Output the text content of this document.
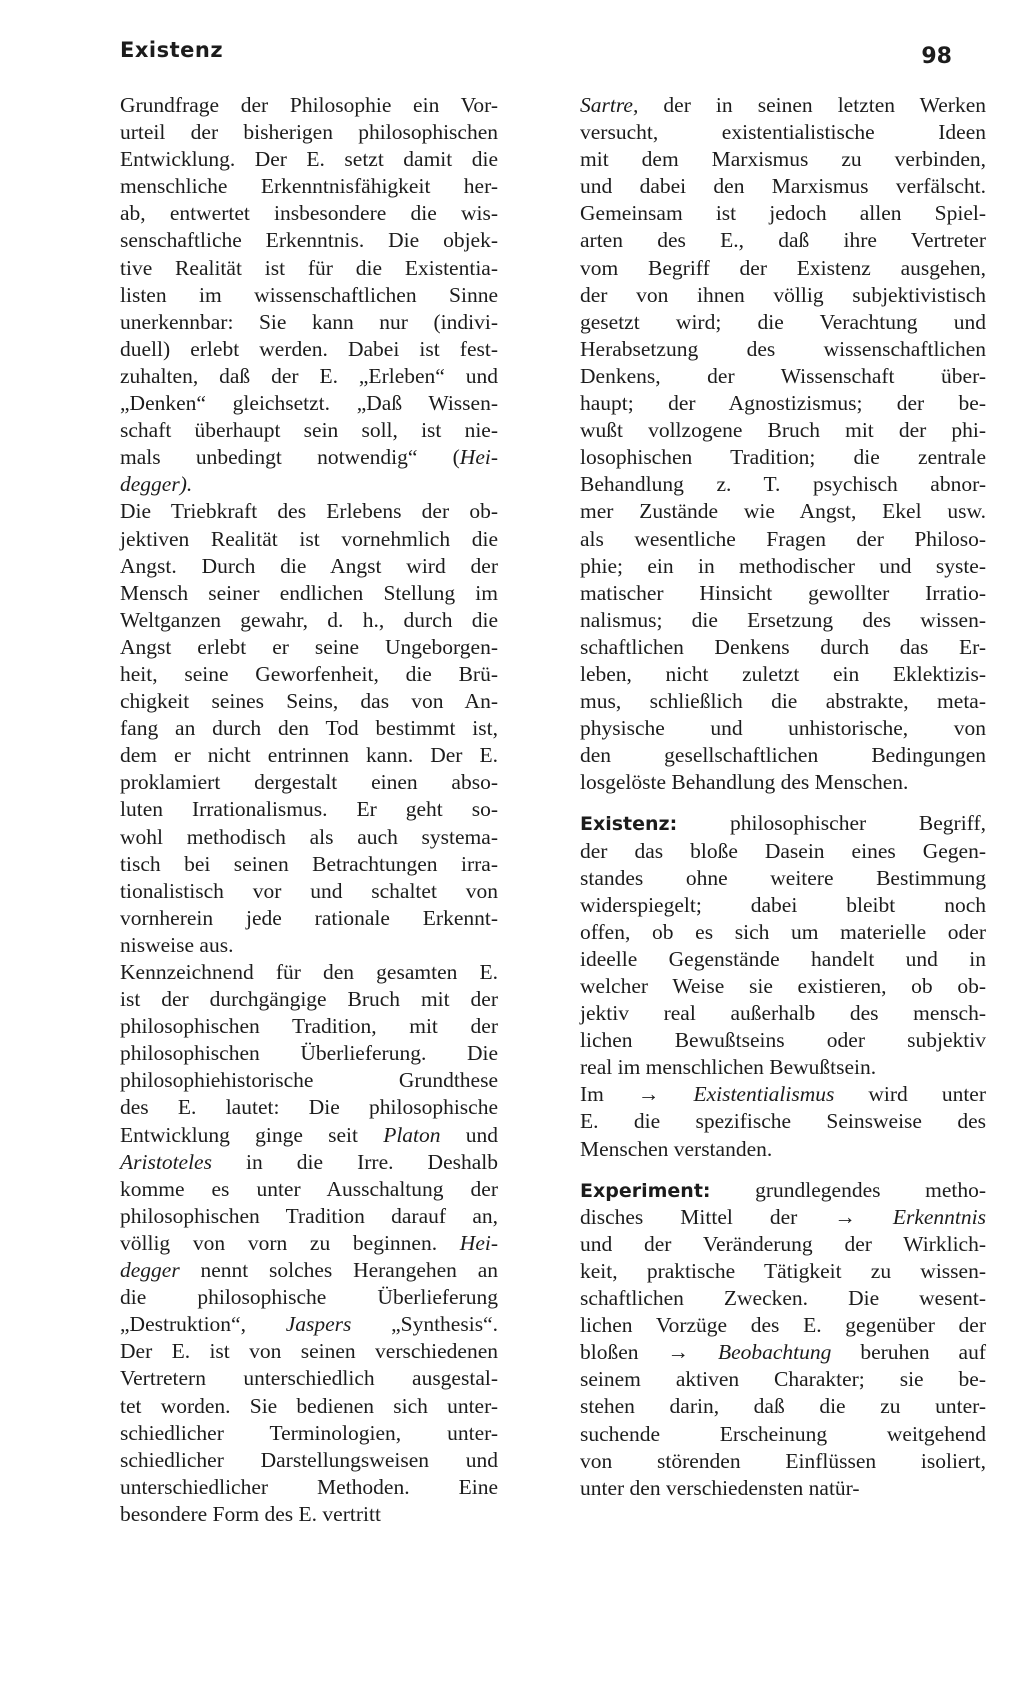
Existenz	98
Grundfrage der Philosophie ein Vor-
urteil der bisherigen philosophischen
Entwicklung. Der E. setzt damit die
menschliche Erkenntnisfähigkeit her-
ab, entwertet insbesondere die wis-
senschaftliche Erkenntnis. Die objek-
tive Realität ist für die Existentia-
listen im wissenschaftlichen Sinne
unerkennbar: Sie kann nur (indivi-
duell) erlebt werden. Dabei ist fest-
zuhalten, daß der E. „Erleben“ und
„Denken“ gleichsetzt. „Daß Wissen-
schaft überhaupt sein soll, ist nie-
mals unbedingt notwendig“ (Hei-
degger).
Die Triebkraft des Erlebens der ob-
jektiven Realität ist vornehmlich die
Angst. Durch die Angst wird der
Mensch seiner endlichen Stellung im
Weltganzen gewahr, d. h., durch die
Angst erlebt er seine Ungeborgen-
heit, seine Geworfenheit, die Brü-
chigkeit seines Seins, das von An-
fang an durch den Tod bestimmt ist,
dem er nicht entrinnen kann. Der E.
proklamiert dergestalt einen abso-
luten Irrationalismus. Er geht so-
wohl methodisch als auch systema-
tisch bei seinen Betrachtungen irra-
tionalistisch vor und schaltet von
vornherein jede rationale Erkennt-
nisweise aus.
Kennzeichnend für den gesamten E.
ist der durchgängige Bruch mit der
philosophischen Tradition, mit der
philosophischen Überlieferung. Die
philosophiehistorische Grundthese
des E. lautet: Die philosophische
Entwicklung ginge seit Platon und
Aristoteles in die Irre. Deshalb
komme es unter Ausschaltung der
philosophischen Tradition darauf an,
völlig von vorn zu beginnen. Hei-
degger nennt solches Herangehen an
die philosophische Überlieferung
„Destruktion“, Jaspers „Synthesis“.
Der E. ist von seinen verschiedenen
Vertretern unterschiedlich ausgestal-
tet worden. Sie bedienen sich unter-
schiedlicher Terminologien, unter-
schiedlicher Darstellungsweisen und
unterschiedlicher Methoden. Eine
besondere Form des E. vertritt
Sartre, der in seinen letzten Werken
versucht, existentialistische Ideen
mit dem Marxismus zu verbinden,
und dabei den Marxismus verfälscht.
Gemeinsam ist jedoch allen Spiel-
arten des E., daß ihre Vertreter
vom Begriff der Existenz ausgehen,
der von ihnen völlig subjektivistisch
gesetzt wird; die Verachtung und
Herabsetzung des wissenschaftlichen
Denkens, der Wissenschaft über-
haupt; der Agnostizismus; der be-
wußt vollzogene Bruch mit der phi-
losophischen Tradition; die zentrale
Behandlung z. T. psychisch abnor-
mer Zustände wie Angst, Ekel usw.
als wesentliche Fragen der Philoso-
phie; ein in methodischer und syste-
matischer Hinsicht gewollter Irratio-
nalismus; die Ersetzung des wissen-
schaftlichen Denkens durch das Er-
leben, nicht zuletzt ein Eklektizis-
mus, schließlich die abstrakte, meta-
physische und unhistorische, von
den gesellschaftlichen Bedingungen
losgelöste Behandlung des Menschen.
Existenz: philosophischer Begriff,
der das bloße Dasein eines Gegen-
standes ohne weitere Bestimmung
widerspiegelt; dabei bleibt noch
offen, ob es sich um materielle oder
ideelle Gegenstände handelt und in
welcher Weise sie existieren, ob ob-
jektiv real außerhalb des mensch-
lichen Bewußtseins oder subjektiv
real im menschlichen Bewußtsein.
Im → Existentialismus wird unter
E. die spezifische Seinsweise des
Menschen verstanden.
Experiment: grundlegendes metho-
disches Mittel der → Erkenntnis
und der Veränderung der Wirklich-
keit, praktische Tätigkeit zu wissen-
schaftlichen Zwecken. Die wesent-
lichen Vorzüge des E. gegenüber der
bloßen → Beobachtung beruhen auf
seinem aktiven Charakter; sie be-
stehen darin, daß die zu unter-
suchende Erscheinung weitgehend
von störenden Einflüssen isoliert,
unter den verschiedensten natür-
